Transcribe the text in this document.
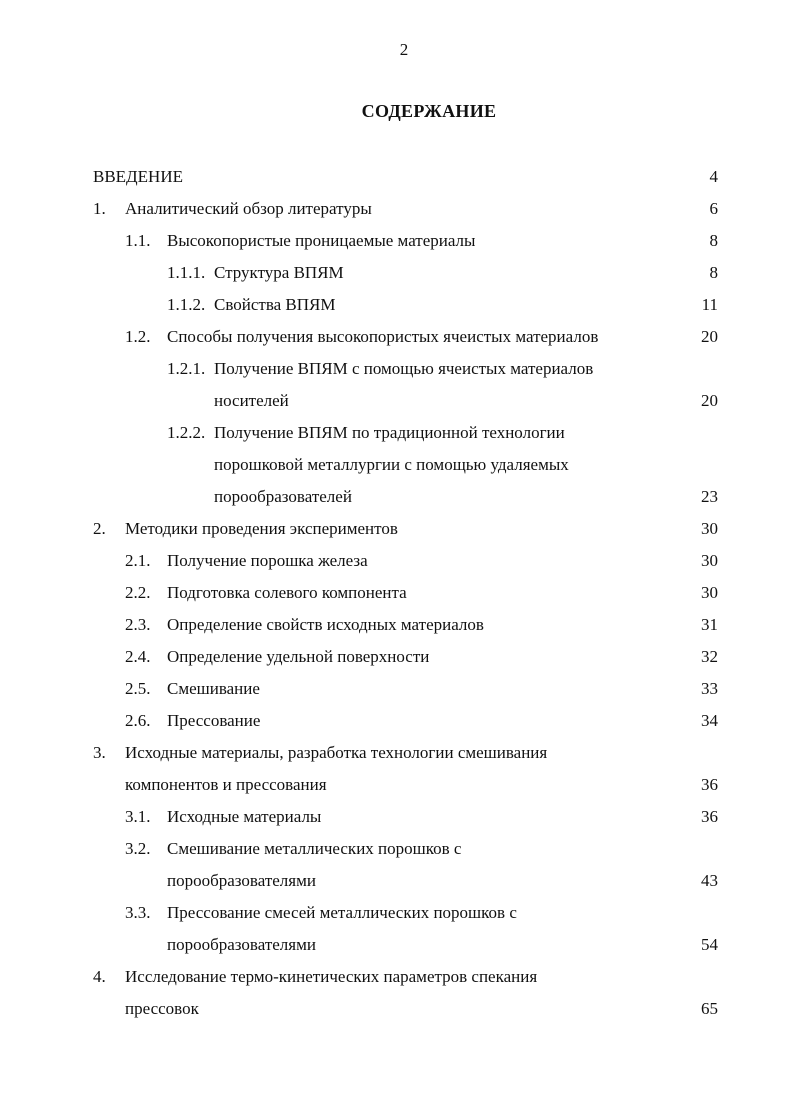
2
СОДЕРЖАНИЕ
ВВЕДЕНИЕ	4
1. Аналитический обзор литературы	6
1.1. Высокопористые проницаемые материалы	8
1.1.1. Структура ВПЯМ	8
1.1.2. Свойства ВПЯМ	11
1.2. Способы получения высокопористых ячеистых материалов	20
1.2.1. Получение ВПЯМ с помощью ячеистых материалов
носителей	20
1.2.2. Получение ВПЯМ по традиционной технологии
порошковой металлургии с помощью удаляемых
порообразователей	23
2. Методики проведения экспериментов	30
2.1. Получение порошка железа	30
2.2. Подготовка солевого компонента	30
2.3. Определение свойств исходных материалов	31
2.4. Определение удельной поверхности	32
2.5. Смешивание	33
2.6. Прессование	34
3. Исходные материалы, разработка технологии смешивания
компонентов и прессования	36
3.1. Исходные материалы	36
3.2. Смешивание металлических порошков с
порообразователями	43
3.3. Прессование смесей металлических порошков с
порообразователями	54
4. Исследование термо-кинетических параметров спекания
прессовок	65
